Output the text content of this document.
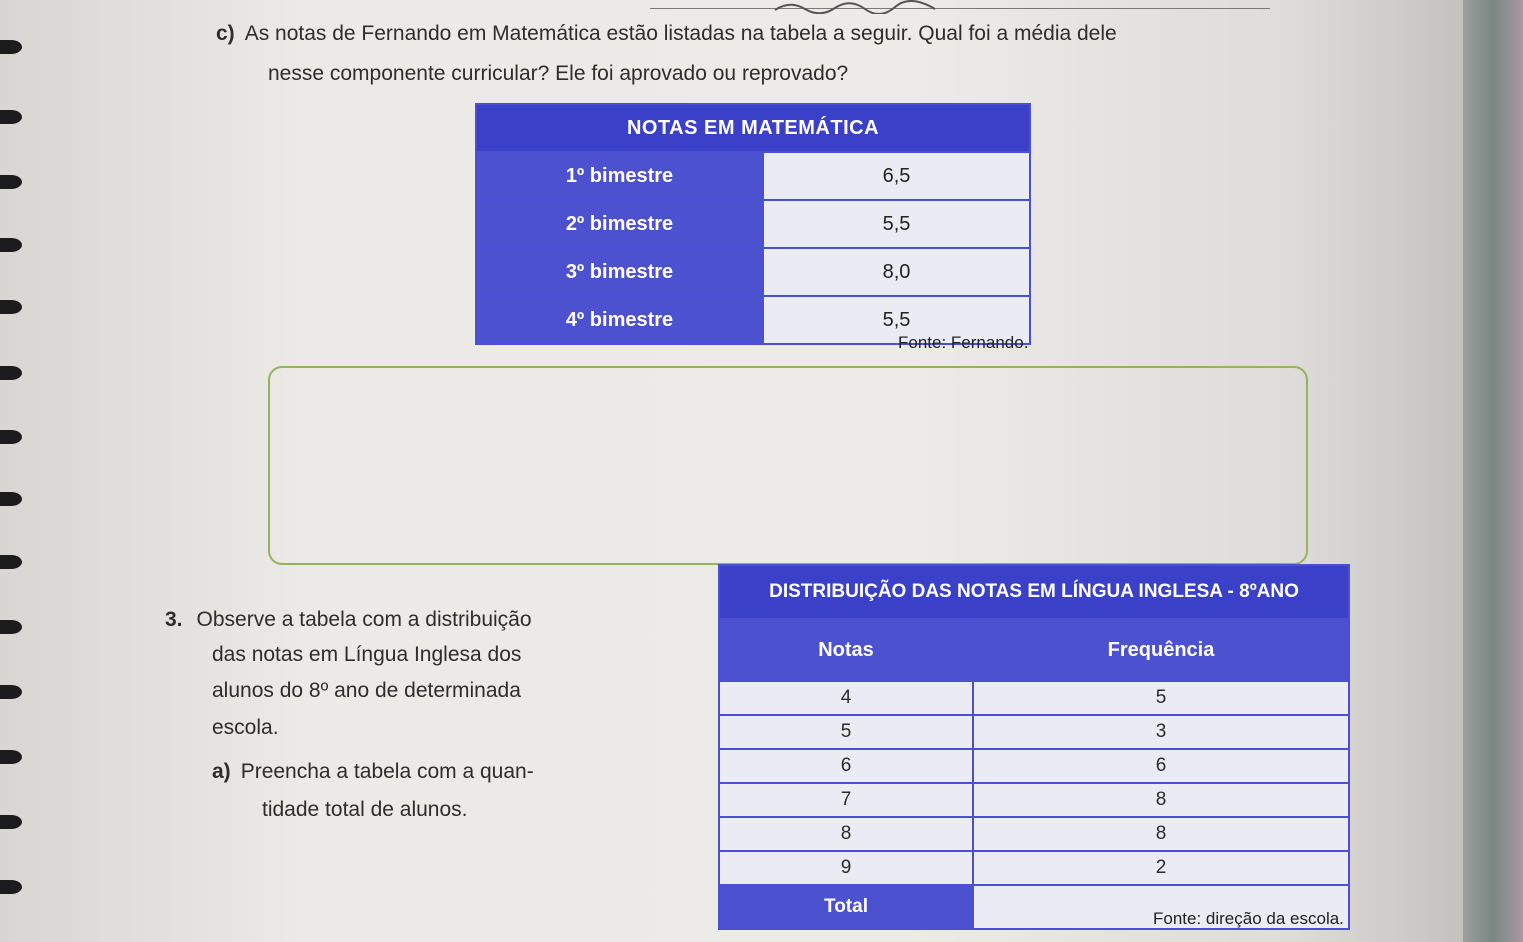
c) As notas de Fernando em Matemática estão listadas na tabela a seguir. Qual foi a média dele
nesse componente curricular? Ele foi aprovado ou reprovado?
NOTAS EM MATEMÁTICA	
1º bimestre	6,5
2º bimestre	5,5
3º bimestre	8,0
4º bimestre	5,5
Fonte: Fernando.
3. Observe a tabela com a distribuição
das notas em Língua Inglesa dos
alunos do 8º ano de determinada
escola.
a) Preencha a tabela com a quan-
tidade total de alunos.
DISTRIBUIÇÃO DAS NOTAS EM LÍNGUA INGLESA - 8ºANO	
Notas	Frequência
4	5
5	3
6	6
7	8
8	8
9	2
Total	
Fonte: direção da escola.
